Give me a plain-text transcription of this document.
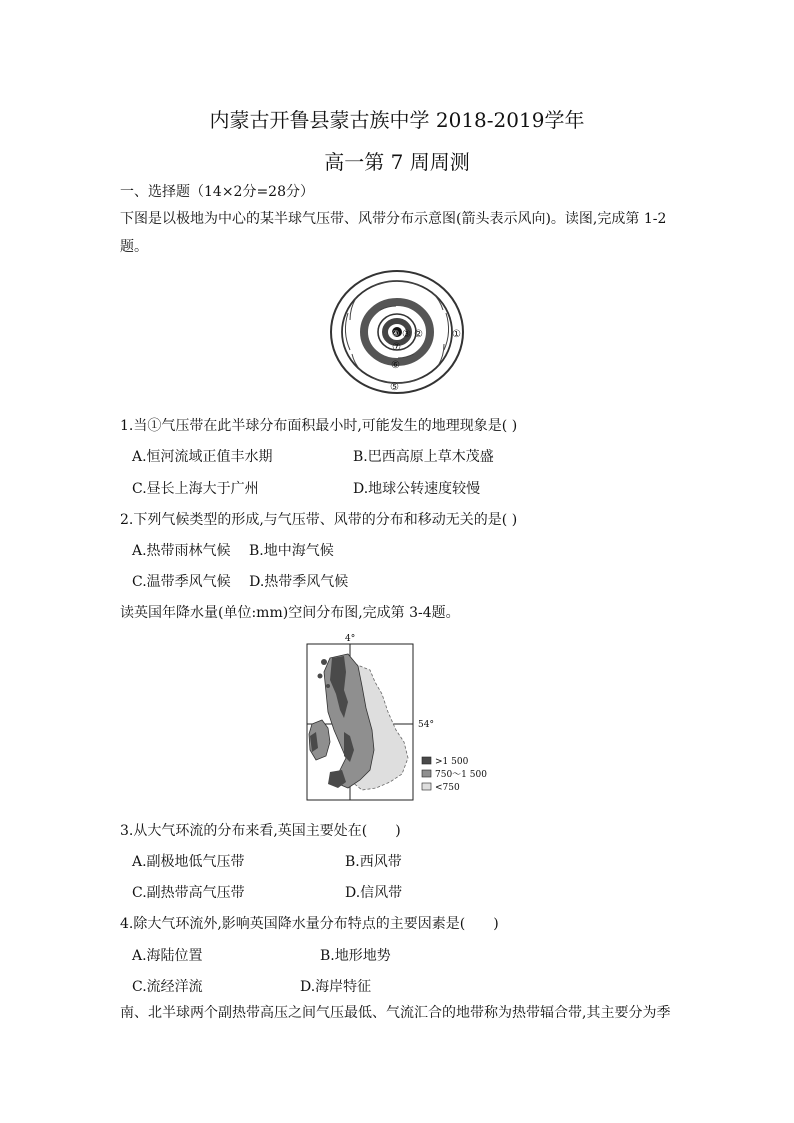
内蒙古开鲁县蒙古族中学 2018-2019学年
高一第 7 周周测
一、选择题（14×2分=28分）
下图是以极地为中心的某半球气压带、风带分布示意图(箭头表示风向)。读图,完成第 1-2
题。
②	①
③
④
⑤
⑥
⑦
1.当①气压带在此半球分布面积最小时,可能发生的地理现象是( )
A.恒河流域正值丰水期	B.巴西高原上草木茂盛
C.昼长上海大于广州	D.地球公转速度较慢
2.下列气候类型的形成,与气压带、风带的分布和移动无关的是( )
A.热带雨林气候　 B.地中海气候
C.温带季风气候　 D.热带季风气候
读英国年降水量(单位:mm)空间分布图,完成第 3-4题。
4°
54°
>1 500
750～1 500
<750
3.从大气环流的分布来看,英国主要处在(　　)
A.副极地低气压带	B.西风带
C.副热带高气压带	D.信风带
4.除大气环流外,影响英国降水量分布特点的主要因素是(　　)
A.海陆位置	B.地形地势
C.流经洋流	D.海岸特征
南、北半球两个副热带高压之间气压最低、气流汇合的地带称为热带辐合带,其主要分为季
